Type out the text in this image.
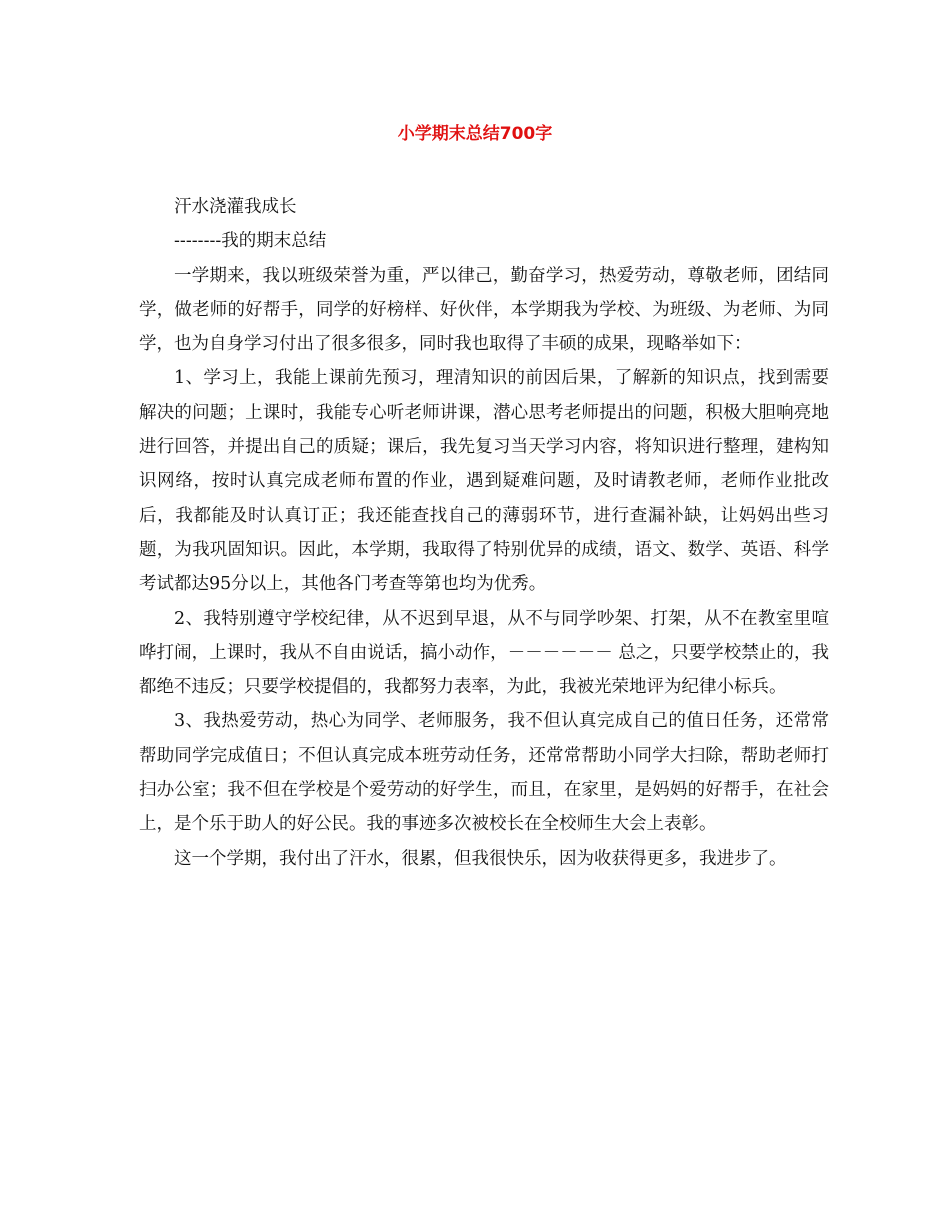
小学期末总结700字

汗水浇灌我成长

--------我的期末总结

一学期来，我以班级荣誉为重，严以律己，勤奋学习，热爱劳动，尊敬老师，团结同学，做老师的好帮手，同学的好榜样、好伙伴，本学期我为学校、为班级、为老师、为同学，也为自身学习付出了很多很多，同时我也取得了丰硕的成果，现略举如下：

1、学习上，我能上课前先预习，理清知识的前因后果，了解新的知识点，找到需要解决的问题；上课时，我能专心听老师讲课，潜心思考老师提出的问题，积极大胆响亮地进行回答，并提出自己的质疑；课后，我先复习当天学习内容，将知识进行整理，建构知识网络，按时认真完成老师布置的作业，遇到疑难问题，及时请教老师，老师作业批改后，我都能及时认真订正；我还能查找自己的薄弱环节，进行查漏补缺，让妈妈出些习题，为我巩固知识。因此，本学期，我取得了特别优异的成绩，语文、数学、英语、科学考试都达95分以上，其他各门考查等第也均为优秀。

2、我特别遵守学校纪律，从不迟到早退，从不与同学吵架、打架，从不在教室里喧哗打闹，上课时，我从不自由说话，搞小动作，－－－－－－ 总之，只要学校禁止的，我都绝不违反；只要学校提倡的，我都努力表率，为此，我被光荣地评为纪律小标兵。

3、我热爱劳动，热心为同学、老师服务，我不但认真完成自己的值日任务，还常常帮助同学完成值日；不但认真完成本班劳动任务，还常常帮助小同学大扫除，帮助老师打扫办公室；我不但在学校是个爱劳动的好学生，而且，在家里，是妈妈的好帮手，在社会上，是个乐于助人的好公民。我的事迹多次被校长在全校师生大会上表彰。

这一个学期，我付出了汗水，很累，但我很快乐，因为收获得更多，我进步了。
